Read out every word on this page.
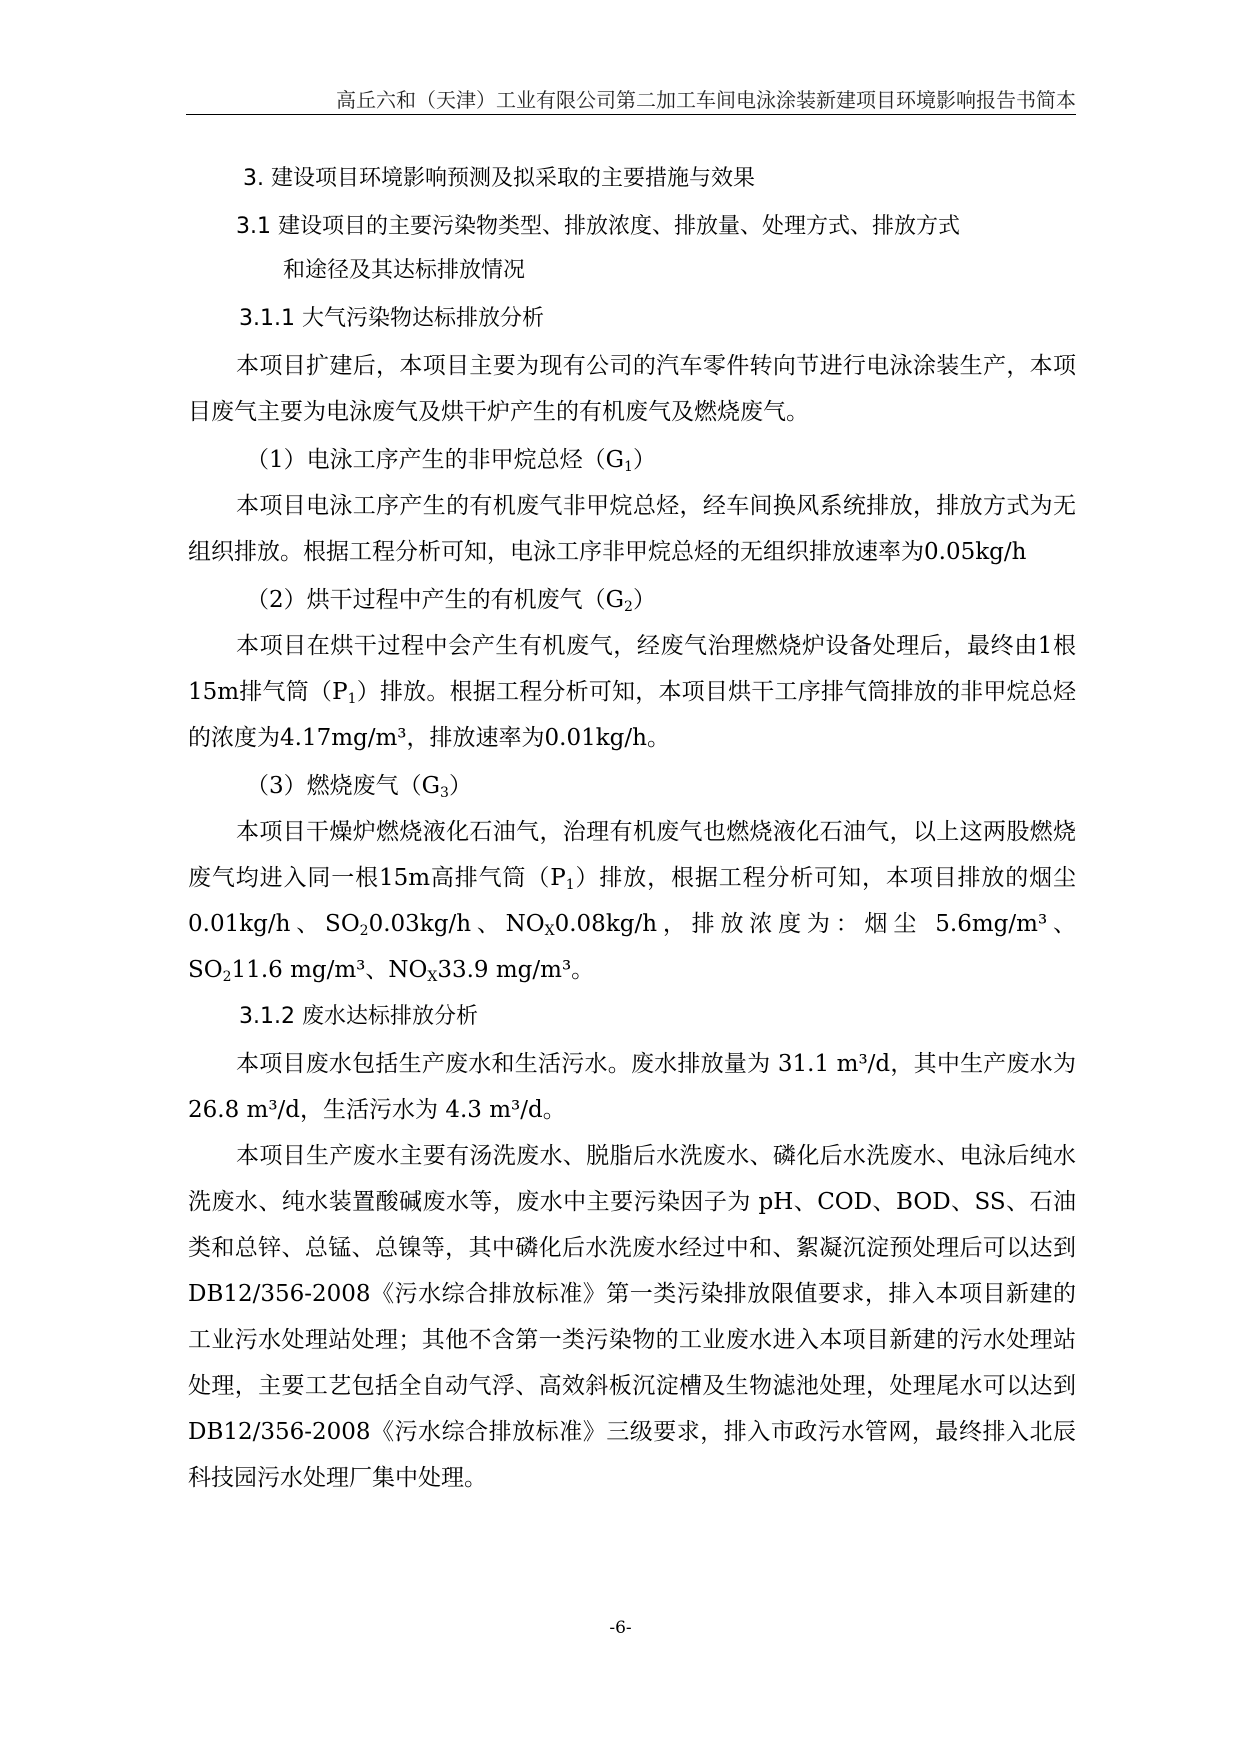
高丘六和（天津）工业有限公司第二加工车间电泳涂装新建项目环境影响报告书简本
3. 建设项目环境影响预测及拟采取的主要措施与效果
3.1 建设项目的主要污染物类型、排放浓度、排放量、处理方式、排放方式
和途径及其达标排放情况
3.1.1 大气污染物达标排放分析

本项目扩建后，本项目主要为现有公司的汽车零件转向节进行电泳涂装生产，本项目废气主要为电泳废气及烘干炉产生的有机废气及燃烧废气。

（1）电泳工序产生的非甲烷总烃$(G_1)$

本项目电泳工序产生的有机废气非甲烷总烃，经车间换风系统排放，排放方式为无组织排放。根据工程分析可知，电泳工序非甲烷总烃的无组织排放速率为0.05kg/h

（2）烘干过程中产生的有机废气$(G_2)$

本项目在烘干过程中会产生有机废气，经废气治理燃烧炉设备处理后，最终由1根15m排气筒$(P_1)$排放。根据工程分析可知，本项目烘干工序排气筒排放的非甲烷总烃的浓度为4.17mg/m³，排放速率为0.01kg/h。

（3）燃烧废气$(G_3)$

本项目干燥炉燃烧液化石油气，治理有机废气也燃烧液化石油气，以上这两股燃烧废气均进入同一根15m高排气筒$(P_1)$排放，根据工程分析可知，本项目排放的烟尘 0.01kg/h、$SO_20.03kg/h$、$NO_X0.08kg/h$，排放浓度为：烟尘 5.6mg/m³、$SO_211.6$ mg/m³、$NO_X33.9$ mg/m³。

3.1.2 废水达标排放分析

本项目废水包括生产废水和生活污水。废水排放量为 31.1 m³/d，其中生产废水为 26.8 m³/d，生活污水为 4.3 m³/d。

本项目生产废水主要有汤洗废水、脱脂后水洗废水、磷化后水洗废水、电泳后纯水洗废水、纯水装置酸碱废水等，废水中主要污染因子为 pH、COD、BOD、SS、石油类和总锌、总锰、总镍等，其中磷化后水洗废水经过中和、絮凝沉淀预处理后可以达到 DB12/356-2008《污水综合排放标准》第一类污染排放限值要求，排入本项目新建的工业污水处理站处理；其他不含第一类污染物的工业废水进入本项目新建的污水处理站处理，主要工艺包括全自动气浮、高效斜板沉淀槽及生物滤池处理，处理尾水可以达到 DB12/356-2008《污水综合排放标准》三级要求，排入市政污水管网，最终排入北辰科技园污水处理厂集中处理。

-6-
